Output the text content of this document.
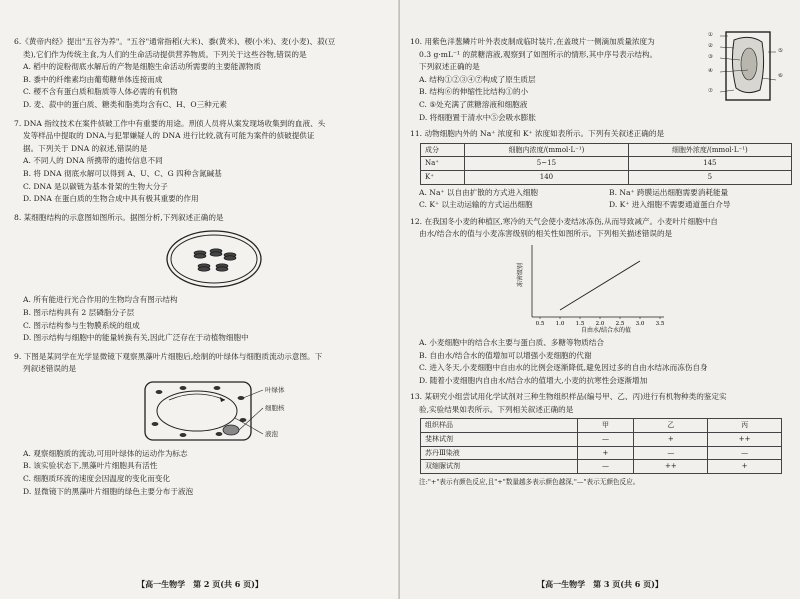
6.《黄帝内经》提出"五谷为养"。"五谷"通常指稻(大米)、黍(黄米)、稷(小米)、麦(小麦)、菽(豆
类),它们作为传统主食,为人们的生命活动提供营养物质。下列关于这些谷物,错误的是
A. 稻中的淀粉彻底水解后的产物是细胞生命活动所需要的主要能源物质
B. 黍中的纤维素均由葡萄糖单体连接而成
C. 稷不含有蛋白质和脂质等人体必需的有机物
D. 麦、菽中的蛋白质、糖类和脂类均含有C、H、O三种元素
7. DNA 指纹技术在案件侦破工作中有重要的用途。刑侦人员将从案发现场收集到的血液、头
发等样品中提取的 DNA,与犯罪嫌疑人的 DNA 进行比较,就有可能为案件的侦破提供证
据。下列关于 DNA 的叙述,错误的是
A. 不同人的 DNA 所携带的遗传信息不同
B. 将 DNA 彻底水解可以得到 A、U、C、G 四种含氮碱基
C. DNA 是以碳链为基本骨架的生物大分子
D. DNA 在蛋白质的生物合成中具有极其重要的作用
8. 某细胞结构的示意图如图所示。据图分析,下列叙述正确的是
A. 所有能进行光合作用的生物均含有图示结构
B. 图示结构具有 2 层磷脂分子层
C. 图示结构参与生物膜系统的组成
D. 图示结构与细胞中的能量转换有关,因此广泛存在于动植物细胞中
9. 下图是某同学在光学显微镜下观察黑藻叶片细胞后,绘制的叶绿体与细胞质流动示意图。下
列叙述错误的是
叶绿体
细胞核
液泡
A. 观察细胞质的流动,可用叶绿体的运动作为标志
B. 该实验状态下,黑藻叶片细胞具有活性
C. 细胞质环流的速度会因温度的变化而变化
D. 显微镜下的黑藻叶片细胞的绿色主要分布于液泡
【高一生物学　第 2 页(共 6 页)】
10. 用紫色洋葱鳞片叶外表皮制成临时装片,在盖玻片一侧滴加质量浓度为
0.3 g·mL⁻¹ 的蔗糖溶液,观察到了如图所示的情形,其中序号表示结构。
下列叙述正确的是
A. 结构①②③④⑦构成了原生质层
B. 结构⑥的伸缩性比结构①的小
C. ⑤处充满了蔗糖溶液和细胞液
D. 将细胞置于清水中⑤会吸水膨胀
①
②
③
④
⑦
⑤
⑥
11. 动物细胞内外的 Na⁺ 浓度和 K⁺ 浓度如表所示。下列有关叙述正确的是
成分	细胞内浓度/(mmol·L⁻¹)	细胞外浓度/(mmol·L⁻¹)
Na⁺	5~15	145
K⁺	140	5
A. Na⁺ 以自由扩散的方式进入细胞	B. Na⁺ 跨膜运出细胞需要消耗能量
C. K⁺ 以主动运输的方式运出细胞	D. K⁺ 进入细胞不需要通道蛋白介导
12. 在我国冬小麦的种植区,寒冷的天气会使小麦结冰冻伤,从而导致减产。小麦叶片细胞中自
由水/结合水的值与小麦冻害级别的相关性如图所示。下列相关描述错误的是
0.5 1.0 1.5 2.0 2.5 3.0 3.5
冻害级别
自由水/结合水的值
A. 小麦细胞中的结合水主要与蛋白质、多糖等物质结合
B. 自由水/结合水的值增加可以增强小麦细胞的代谢
C. 进入冬天,小麦细胞中自由水的比例会逐渐降低,避免因过多的自由水结冰而冻伤自身
D. 随着小麦细胞内自由水/结合水的值增大,小麦的抗寒性会逐渐增加
13. 某研究小组尝试用化学试剂对三种生物组织样品(编号甲、乙、丙)进行有机物种类的鉴定实
验,实验结果如表所示。下列相关叙述正确的是
组织样品	甲	乙	丙
斐林试剂	—	+	++
苏丹Ⅲ染液	+	—	—
双缩脲试剂	—	++	+
注:"+"表示有颜色反应,且"+"数量越多表示颜色越深,"—"表示无颜色反应。
【高一生物学　第 3 页(共 6 页)】
